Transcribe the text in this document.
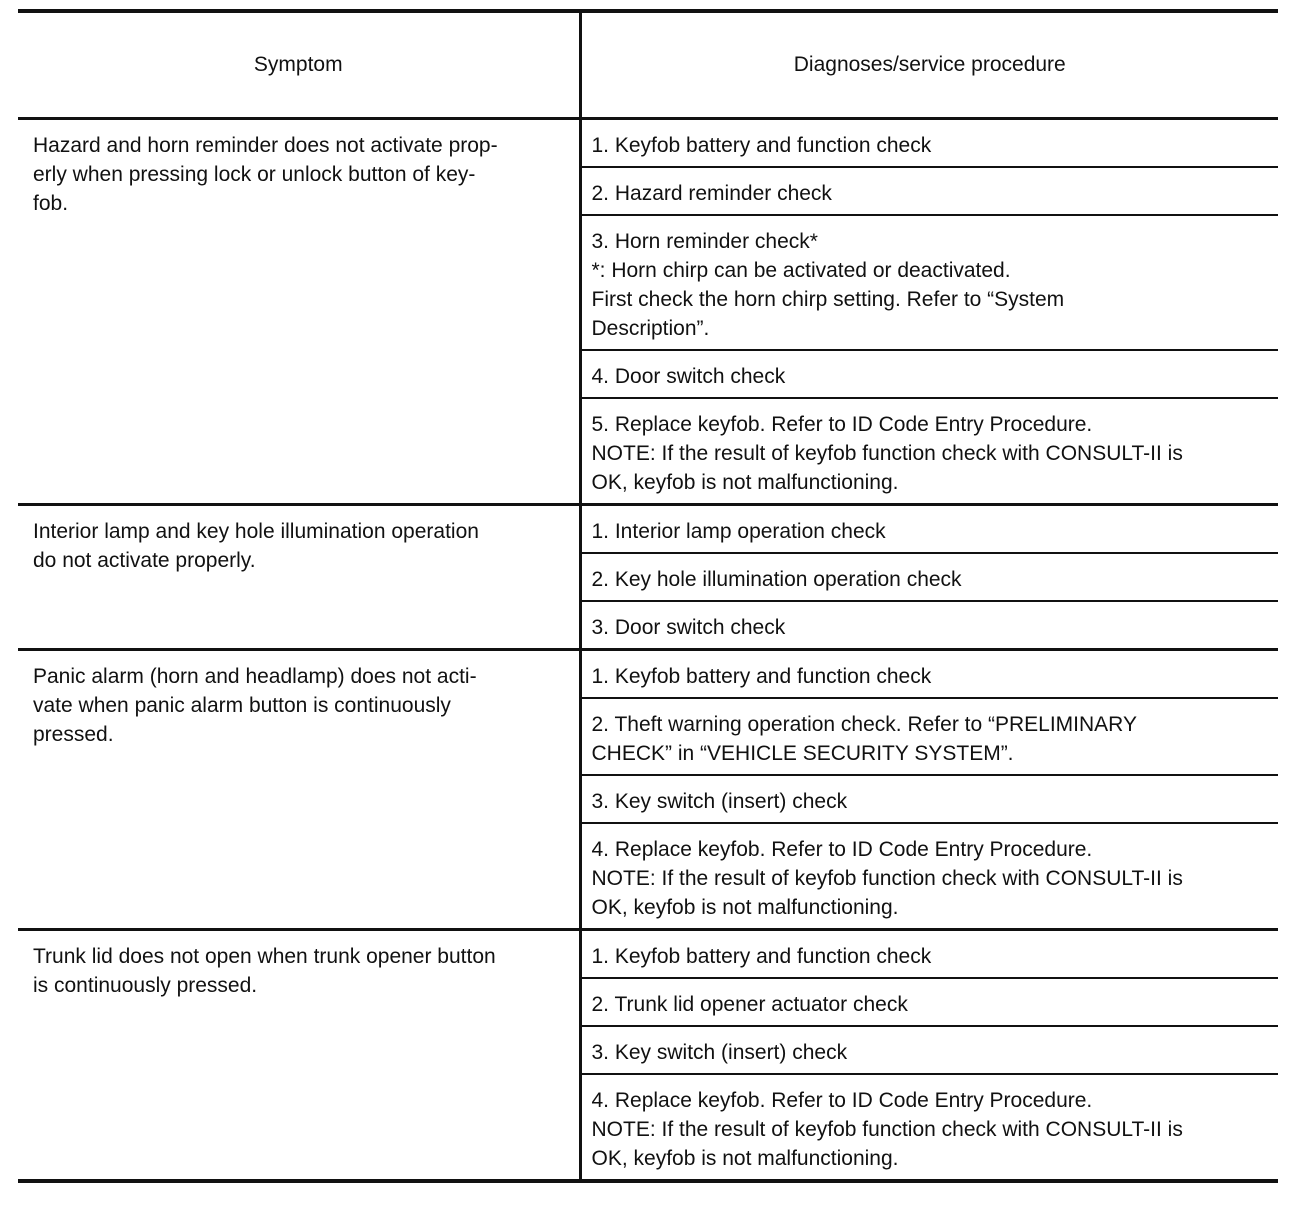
Symptom	Diagnoses/service procedure

Hazard and horn reminder does not activate prop-
erly when pressing lock or unlock button of key-
fob.	1. Keyfob battery and function check

	2. Hazard reminder check

	3. Horn reminder check*
*: Horn chirp can be activated or deactivated.
First check the horn chirp setting. Refer to “System
Description”.

	4. Door switch check

	5. Replace keyfob. Refer to ID Code Entry Procedure.
NOTE: If the result of keyfob function check with CONSULT-II is
OK, keyfob is not malfunctioning.

Interior lamp and key hole illumination operation
do not activate properly.	1. Interior lamp operation check

	2. Key hole illumination operation check

	3. Door switch check

Panic alarm (horn and headlamp) does not acti-
vate when panic alarm button is continuously
pressed.	1. Keyfob battery and function check

	2. Theft warning operation check. Refer to “PRELIMINARY
CHECK” in “VEHICLE SECURITY SYSTEM”.

	3. Key switch (insert) check

	4. Replace keyfob. Refer to ID Code Entry Procedure.
NOTE: If the result of keyfob function check with CONSULT-II is
OK, keyfob is not malfunctioning.

Trunk lid does not open when trunk opener button
is continuously pressed.	1. Keyfob battery and function check

	2. Trunk lid opener actuator check

	3. Key switch (insert) check

	4. Replace keyfob. Refer to ID Code Entry Procedure.
NOTE: If the result of keyfob function check with CONSULT-II is
OK, keyfob is not malfunctioning.
